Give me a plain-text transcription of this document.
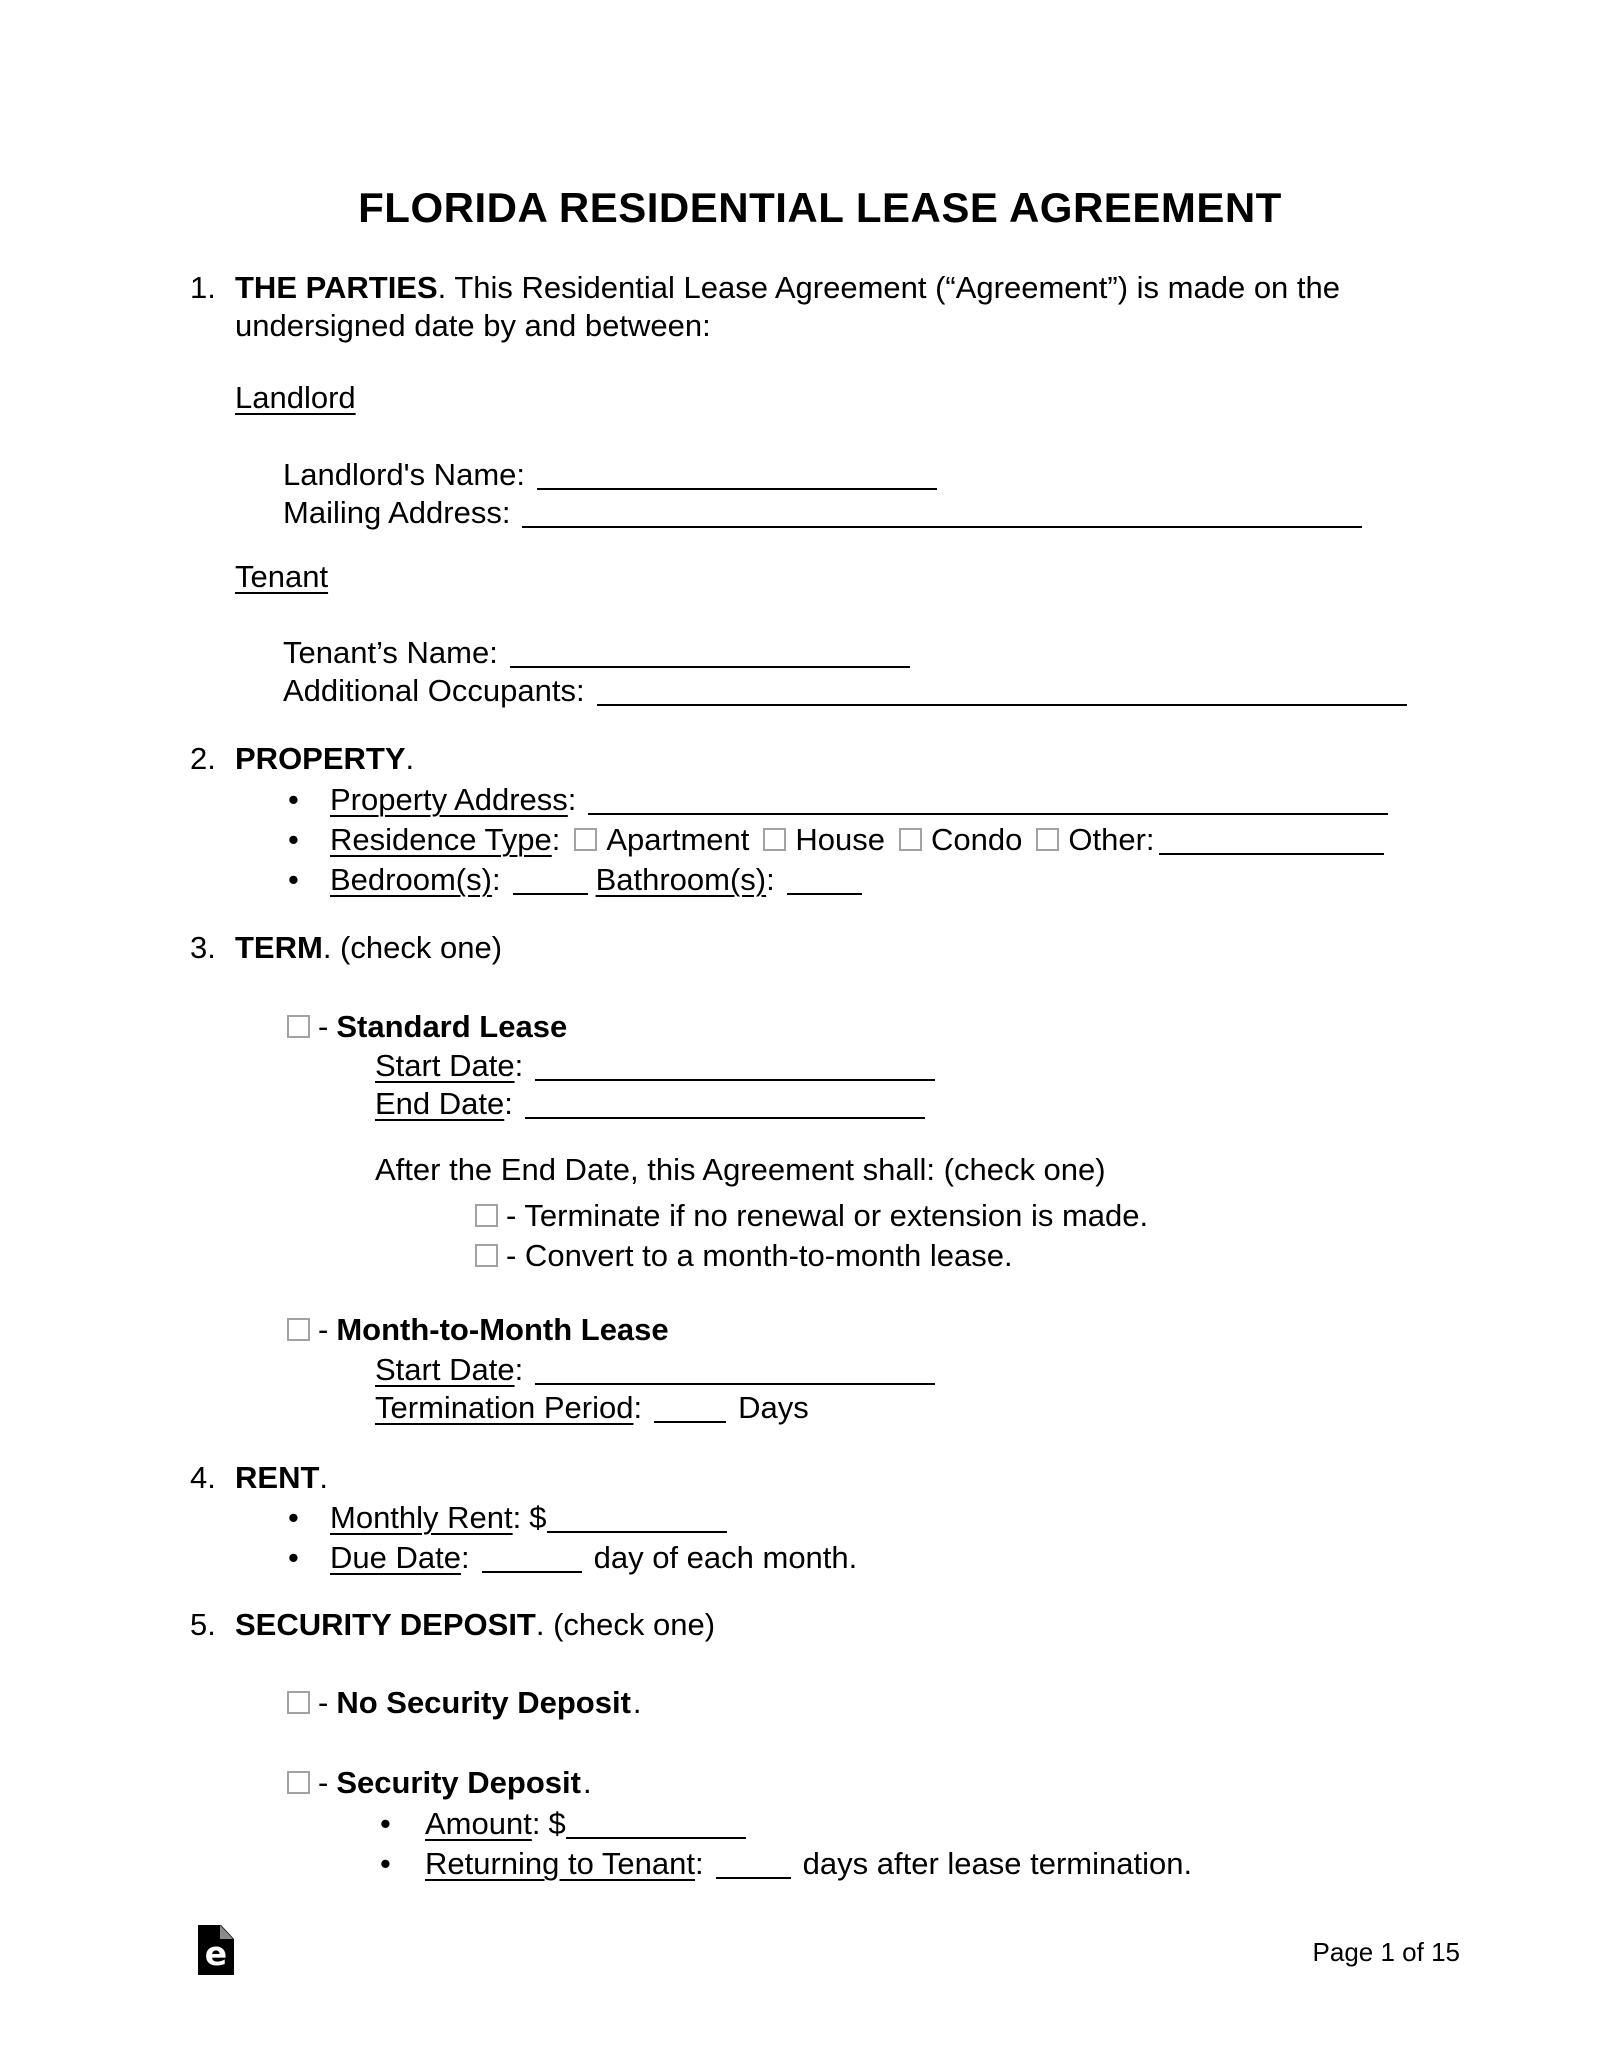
FLORIDA RESIDENTIAL LEASE AGREEMENT
1. THE PARTIES. This Residential Lease Agreement (“Agreement”) is made on the
undersigned date by and between:
Landlord
Landlord's Name:
Mailing Address:
Tenant
Tenant’s Name:
Additional Occupants:
2. PROPERTY.
• Property Address:
• Residence Type: Apartment House Condo Other:
• Bedroom(s):	Bathroom(s):
3. TERM. (check one)
- Standard Lease
Start Date:
End Date:
After the End Date, this Agreement shall: (check one)
- Terminate if no renewal or extension is made.
- Convert to a month-to-month lease.
- Month-to-Month Lease
Start Date:
Termination Period:	Days
4. RENT.
• Monthly Rent: $
• Due Date:	day of each month.
5. SECURITY DEPOSIT. (check one)
- No Security Deposit.
- Security Deposit.
• Amount: $
• Returning to Tenant:	days after lease termination.
e	Page 1 of 15
